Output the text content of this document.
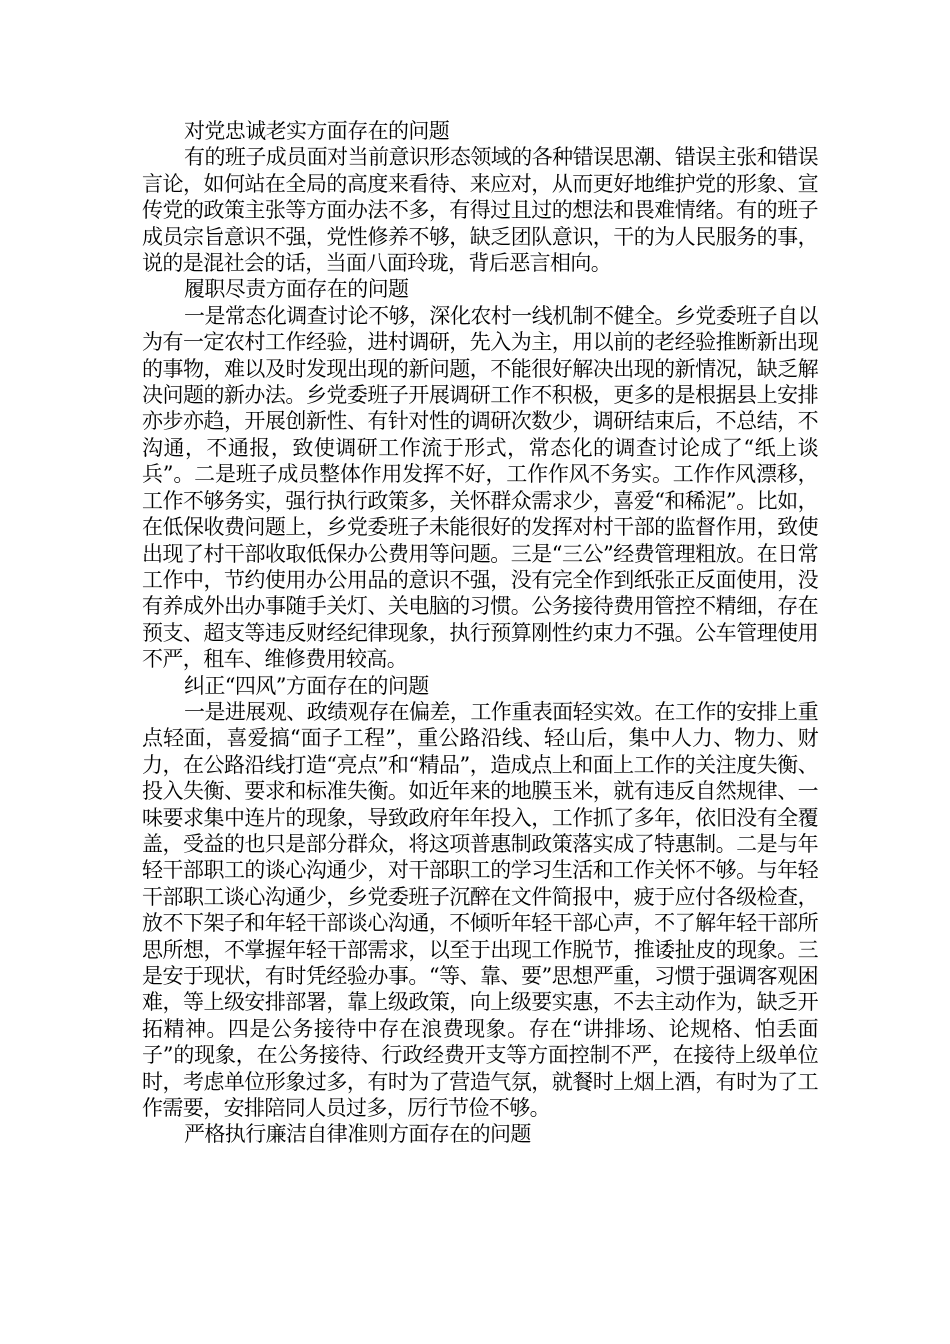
对党忠诚老实方面存在的问题

有的班子成员面对当前意识形态领域的各种错误思潮、错误主张和错误言论，如何站在全局的高度来看待、来应对，从而更好地维护党的形象、宣传党的政策主张等方面办法不多，有得过且过的想法和畏难情绪。有的班子成员宗旨意识不强，党性修养不够，缺乏团队意识，干的为人民服务的事，说的是混社会的话，当面八面玲珑，背后恶言相向。

履职尽责方面存在的问题

一是常态化调查讨论不够，深化农村一线机制不健全。乡党委班子自以为有一定农村工作经验，进村调研，先入为主，用以前的老经验推断新出现的事物，难以及时发现出现的新问题，不能很好解决出现的新情况，缺乏解决问题的新办法。乡党委班子开展调研工作不积极，更多的是根据县上安排亦步亦趋，开展创新性、有针对性的调研次数少，调研结束后，不总结，不沟通，不通报，致使调研工作流于形式，常态化的调查讨论成了“纸上谈兵”。二是班子成员整体作用发挥不好，工作作风不务实。工作作风漂移，工作不够务实，强行执行政策多，关怀群众需求少，喜爱“和稀泥”。比如，在低保收费问题上，乡党委班子未能很好的发挥对村干部的监督作用，致使出现了村干部收取低保办公费用等问题。三是“三公”经费管理粗放。在日常工作中，节约使用办公用品的意识不强，没有完全作到纸张正反面使用，没有养成外出办事随手关灯、关电脑的习惯。公务接待费用管控不精细，存在预支、超支等违反财经纪律现象，执行预算刚性约束力不强。公车管理使用不严，租车、维修费用较高。

纠正“四风”方面存在的问题

一是进展观、政绩观存在偏差，工作重表面轻实效。在工作的安排上重点轻面，喜爱搞“面子工程”，重公路沿线、轻山后，集中人力、物力、财力，在公路沿线打造“亮点”和“精品”，造成点上和面上工作的关注度失衡、投入失衡、要求和标准失衡。如近年来的地膜玉米，就有违反自然规律、一味要求集中连片的现象，导致政府年年投入，工作抓了多年，依旧没有全覆盖，受益的也只是部分群众，将这项普惠制政策落实成了特惠制。二是与年轻干部职工的谈心沟通少，对干部职工的学习生活和工作关怀不够。与年轻干部职工谈心沟通少，乡党委班子沉醉在文件简报中，疲于应付各级检查，放不下架子和年轻干部谈心沟通，不倾听年轻干部心声，不了解年轻干部所思所想，不掌握年轻干部需求，以至于出现工作脱节，推诿扯皮的现象。三是安于现状，有时凭经验办事。“等、靠、要”思想严重，习惯于强调客观困难，等上级安排部署，靠上级政策，向上级要实惠，不去主动作为，缺乏开拓精神。四是公务接待中存在浪费现象。存在“讲排场、论规格、怕丢面子”的现象，在公务接待、行政经费开支等方面控制不严，在接待上级单位时，考虑单位形象过多，有时为了营造气氛，就餐时上烟上酒，有时为了工作需要，安排陪同人员过多，厉行节俭不够。

严格执行廉洁自律准则方面存在的问题
